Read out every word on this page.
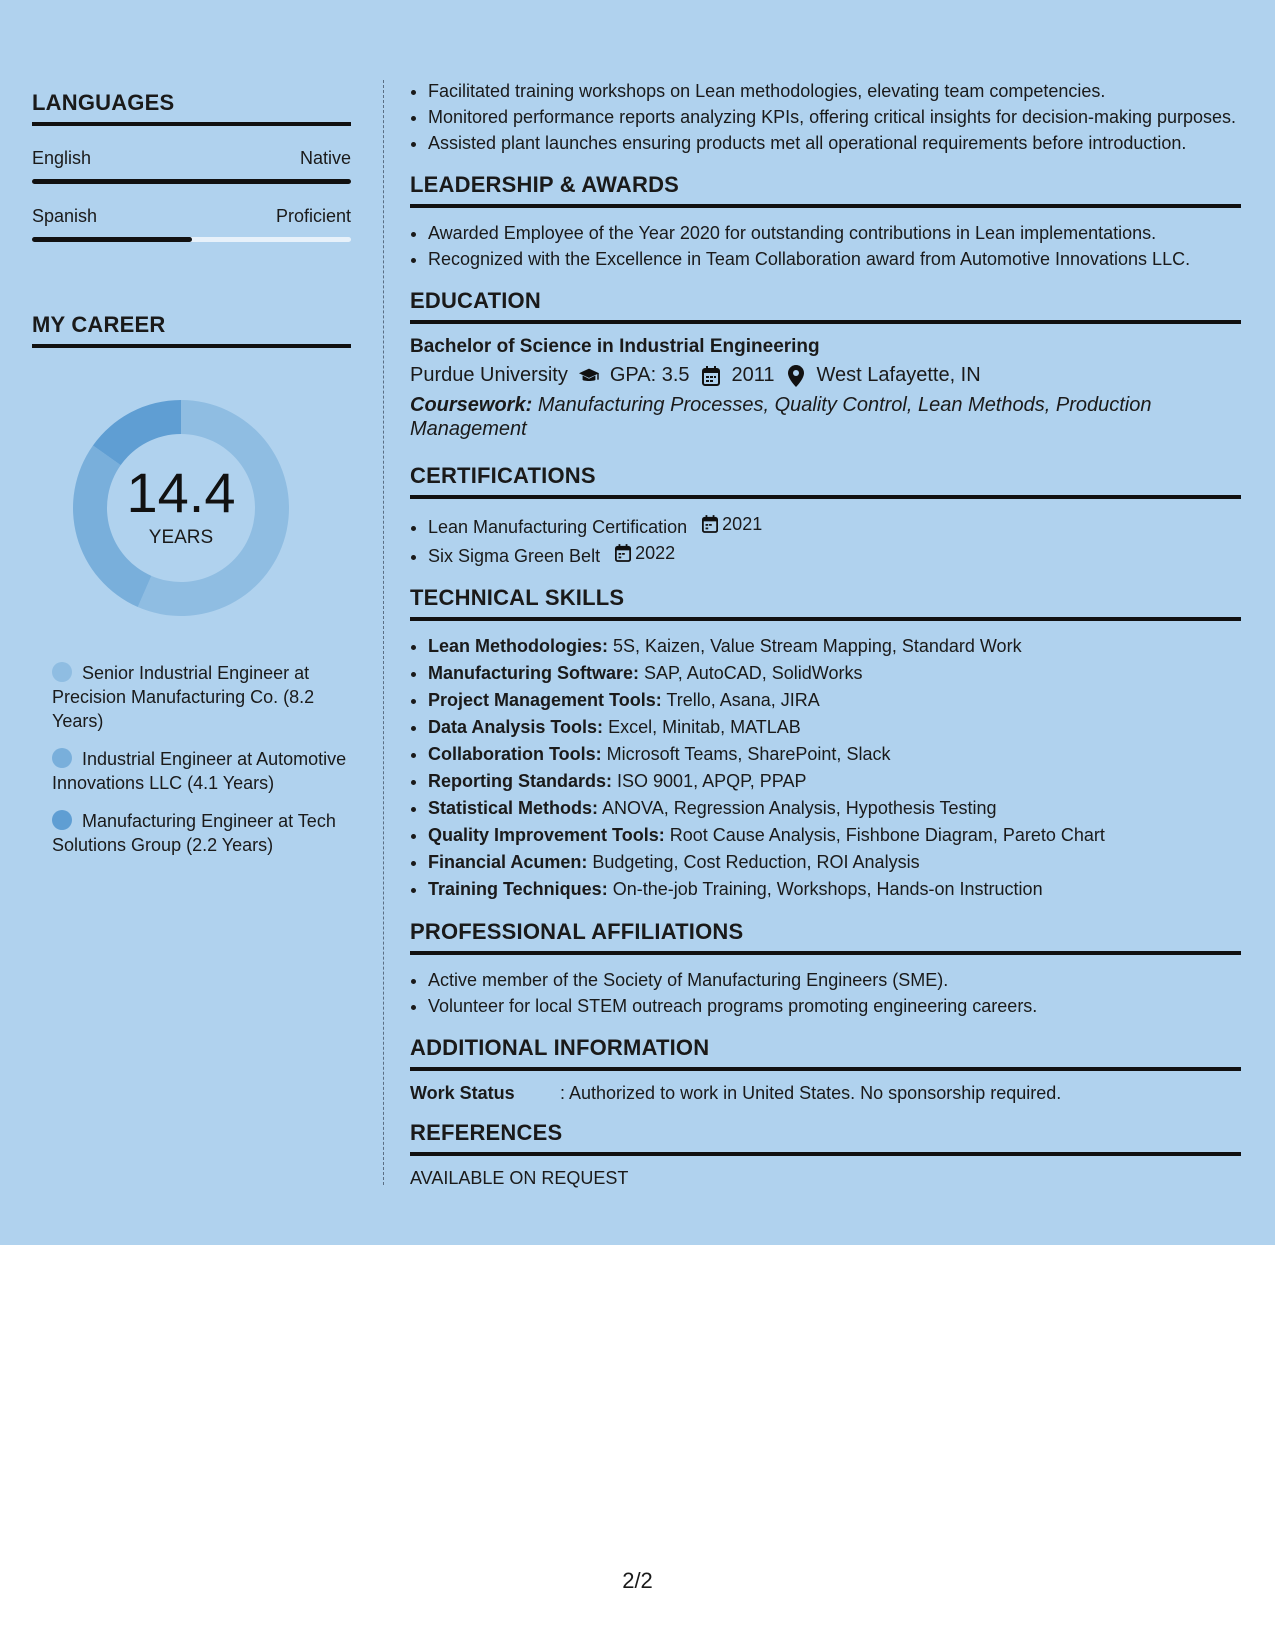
LANGUAGES
English	Native
Spanish	Proficient
MY CAREER
14.4
YEARS
Senior Industrial Engineer at Precision Manufacturing Co. (8.2 Years)
Industrial Engineer at Automotive Innovations LLC (4.1 Years)
Manufacturing Engineer at Tech Solutions Group (2.2 Years)
• Facilitated training workshops on Lean methodologies, elevating team competencies.
• Monitored performance reports analyzing KPIs, offering critical insights for decision-making purposes.
• Assisted plant launches ensuring products met all operational requirements before introduction.
LEADERSHIP & AWARDS
• Awarded Employee of the Year 2020 for outstanding contributions in Lean implementations.
• Recognized with the Excellence in Team Collaboration award from Automotive Innovations LLC.
EDUCATION
Bachelor of Science in Industrial Engineering
Purdue University GPA: 3.5 2011 West Lafayette, IN
Coursework: Manufacturing Processes, Quality Control, Lean Methods, Production Management
CERTIFICATIONS
• Lean Manufacturing Certification 2021
• Six Sigma Green Belt 2022
TECHNICAL SKILLS
• Lean Methodologies: 5S, Kaizen, Value Stream Mapping, Standard Work
• Manufacturing Software: SAP, AutoCAD, SolidWorks
• Project Management Tools: Trello, Asana, JIRA
• Data Analysis Tools: Excel, Minitab, MATLAB
• Collaboration Tools: Microsoft Teams, SharePoint, Slack
• Reporting Standards: ISO 9001, APQP, PPAP
• Statistical Methods: ANOVA, Regression Analysis, Hypothesis Testing
• Quality Improvement Tools: Root Cause Analysis, Fishbone Diagram, Pareto Chart
• Financial Acumen: Budgeting, Cost Reduction, ROI Analysis
• Training Techniques: On-the-job Training, Workshops, Hands-on Instruction
PROFESSIONAL AFFILIATIONS
• Active member of the Society of Manufacturing Engineers (SME).
• Volunteer for local STEM outreach programs promoting engineering careers.
ADDITIONAL INFORMATION
Work Status	: Authorized to work in United States. No sponsorship required.
REFERENCES
AVAILABLE ON REQUEST
2/2
